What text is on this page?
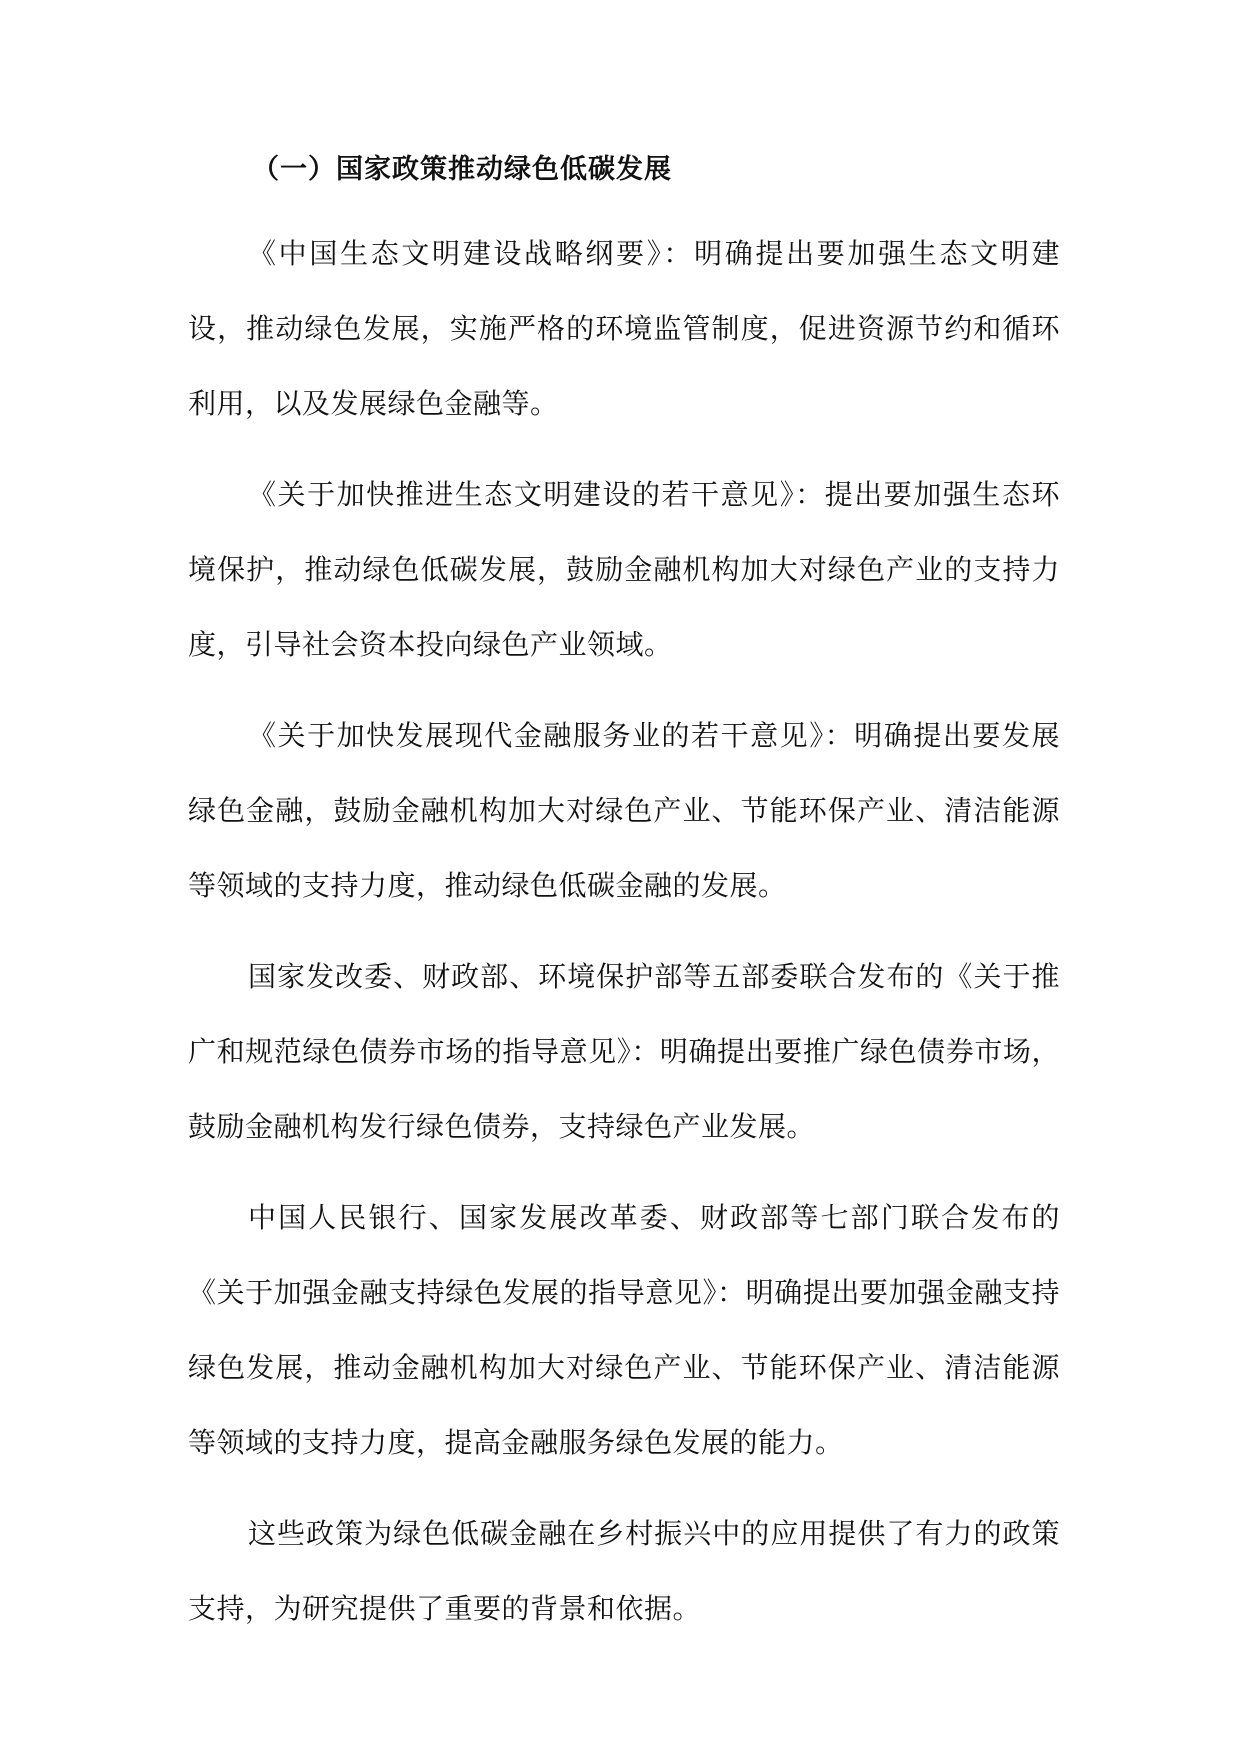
（一）国家政策推动绿色低碳发展

《中国生态文明建设战略纲要》：明确提出要加强生态文明建设，推动绿色发展，实施严格的环境监管制度，促进资源节约和循环利用，以及发展绿色金融等。

《关于加快推进生态文明建设的若干意见》：提出要加强生态环境保护，推动绿色低碳发展，鼓励金融机构加大对绿色产业的支持力度，引导社会资本投向绿色产业领域。

《关于加快发展现代金融服务业的若干意见》：明确提出要发展绿色金融，鼓励金融机构加大对绿色产业、节能环保产业、清洁能源等领域的支持力度，推动绿色低碳金融的发展。

国家发改委、财政部、环境保护部等五部委联合发布的《关于推广和规范绿色债券市场的指导意见》：明确提出要推广绿色债券市场，鼓励金融机构发行绿色债券，支持绿色产业发展。

中国人民银行、国家发展改革委、财政部等七部门联合发布的《关于加强金融支持绿色发展的指导意见》：明确提出要加强金融支持绿色发展，推动金融机构加大对绿色产业、节能环保产业、清洁能源等领域的支持力度，提高金融服务绿色发展的能力。

这些政策为绿色低碳金融在乡村振兴中的应用提供了有力的政策支持，为研究提供了重要的背景和依据。
